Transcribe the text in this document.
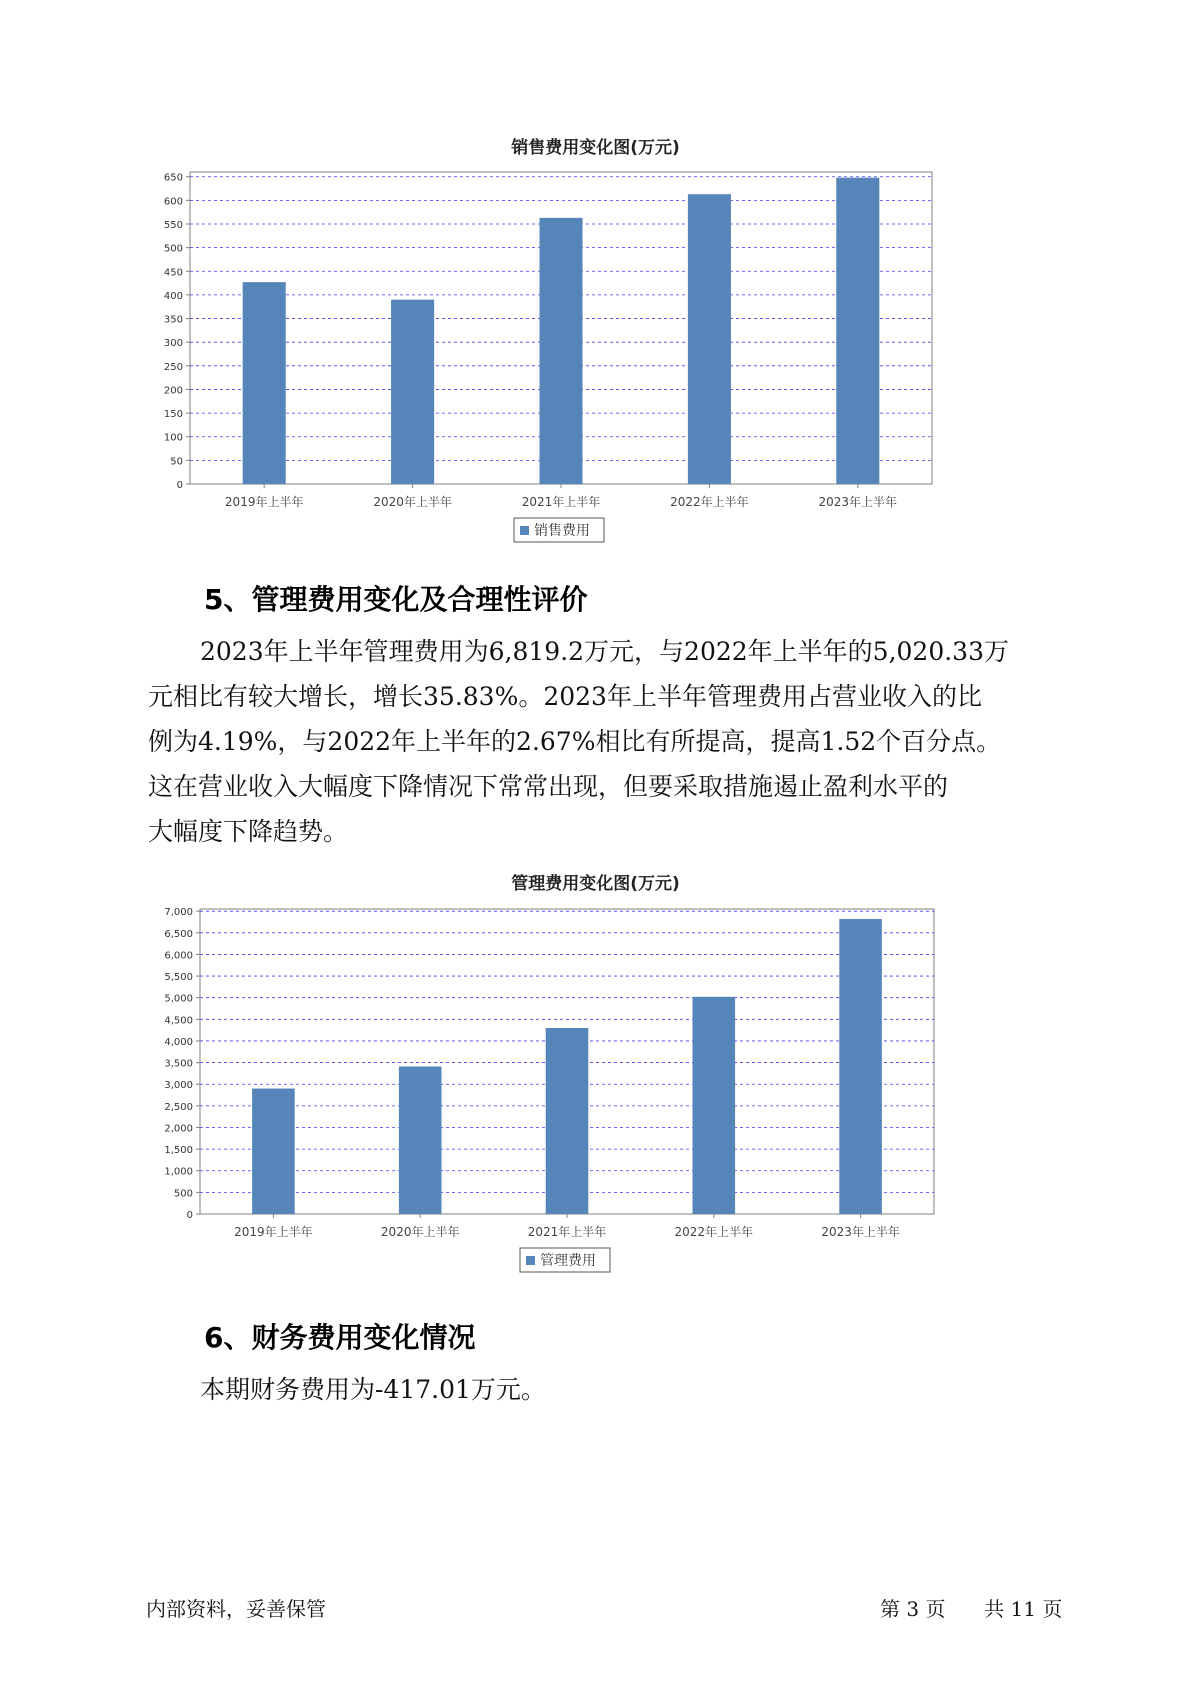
销售费用变化图(万元)
0
50
100
150
200
250
300
350
400
450
500
550
600
650
2019年上半年	2020年上半年	2021年上半年	2022年上半年	2023年上半年
销售费用
5、管理费用变化及合理性评价
2023年上半年管理费用为6,819.2万元，与2022年上半年的5,020.33万
元相比有较大增长，增长35.83%。2023年上半年管理费用占营业收入的比
例为4.19%，与2022年上半年的2.67%相比有所提高，提高1.52个百分点。
这在营业收入大幅度下降情况下常常出现，但要采取措施遏止盈利水平的
大幅度下降趋势。
管理费用变化图(万元)
0
500
1,000
1,500
2,000
2,500
3,000
3,500
4,000
4,500
5,000
5,500
6,000
6,500
7,000
2019年上半年	2020年上半年	2021年上半年	2022年上半年	2023年上半年
管理费用
6、财务费用变化情况
本期财务费用为-417.01万元。
内部资料，妥善保管	第 3 页 共 11 页
